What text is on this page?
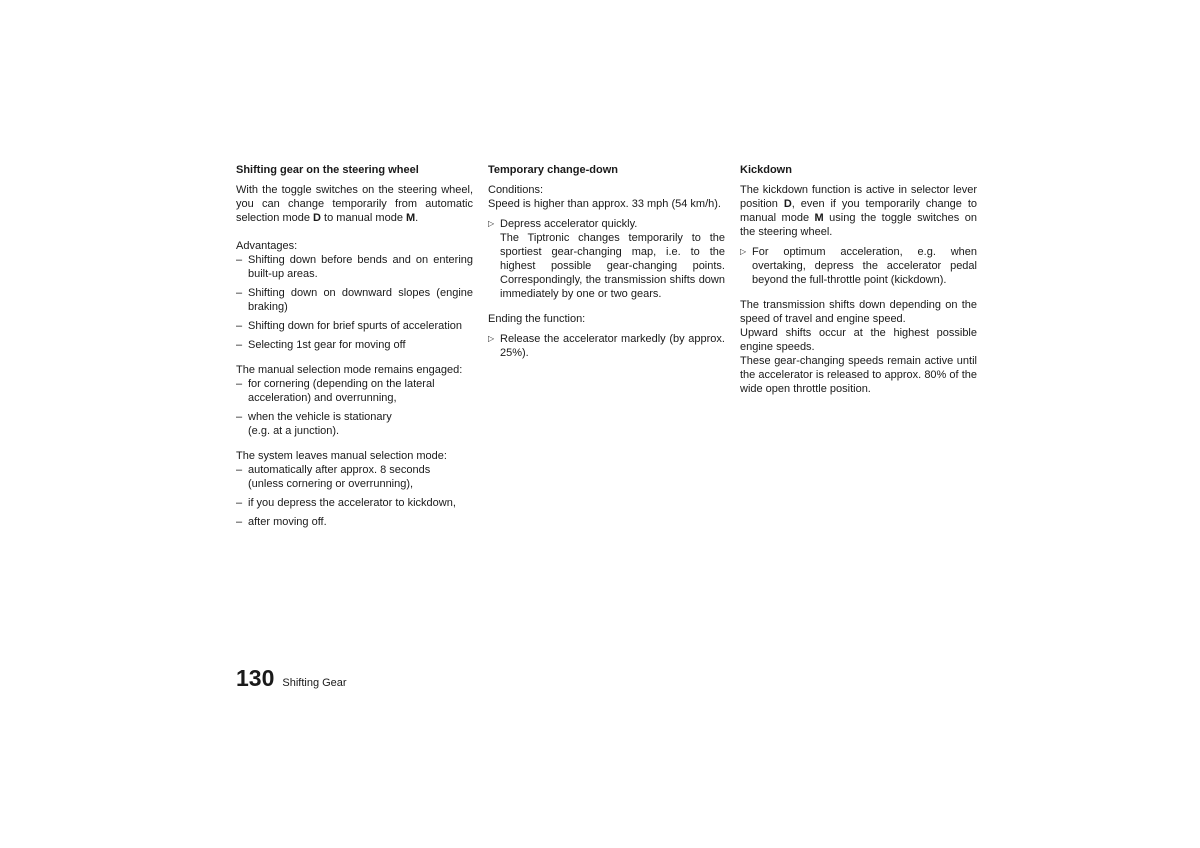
Shifting gear on the steering wheel

With the toggle switches on the steering wheel, you can change temporarily from automatic selection mode D to manual mode M.

Advantages:

– Shifting down before bends and on entering built-up areas.
– Shifting down on downward slopes (engine braking)
– Shifting down for brief spurts of acceleration
– Selecting 1st gear for moving off

The manual selection mode remains engaged:

– for cornering (depending on the lateral
acceleration) and overrunning,
– when the vehicle is stationary
(e.g. at a junction).

The system leaves manual selection mode:

– automatically after approx. 8 seconds
(unless cornering or overrunning),
– if you depress the accelerator to kickdown,
– after moving off.
Temporary change-down

Conditions:

Speed is higher than approx. 33 mph (54 km/h).

▷ Depress accelerator quickly.
The Tiptronic changes temporarily to the sportiest gear-changing map, i.e. to the highest possible gear-changing points. Correspondingly, the transmission shifts down immediately by one or two gears.

Ending the function:

▷ Release the accelerator markedly (by approx. 25%).
Kickdown

The kickdown function is active in selector lever position D, even if you temporarily change to manual mode M using the toggle switches on the steering wheel.

▷ For optimum acceleration, e.g. when overtaking, depress the accelerator pedal beyond the full-throttle point (kickdown).

The transmission shifts down depending on the speed of travel and engine speed.

Upward shifts occur at the highest possible engine speeds.

These gear-changing speeds remain active until the accelerator is released to approx. 80% of the wide open throttle position.

130 Shifting Gear
